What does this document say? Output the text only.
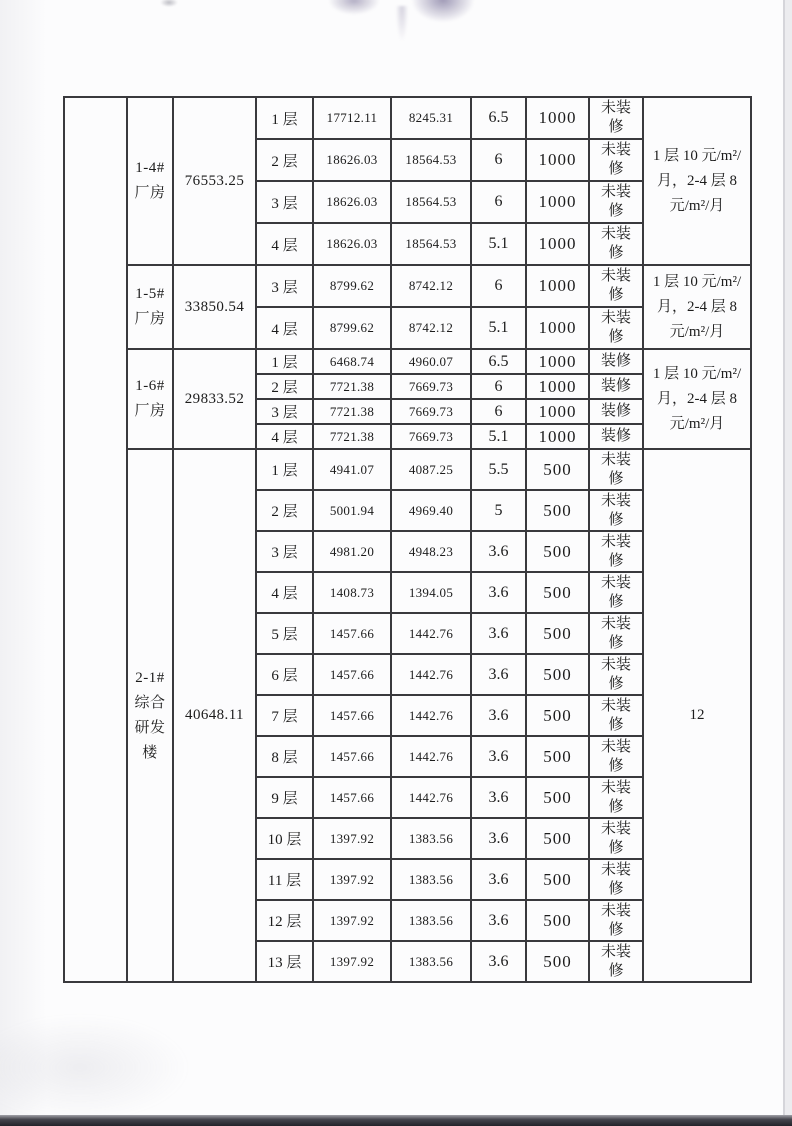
	1-4# 厂房	76553.25	1 层	17712.11	8245.31	6.5	1000	未装修	1 层 10 元/m²/月，2-4 层 8 元/m²/月
			2 层	18626.03	18564.53	6	1000	未装修	
			3 层	18626.03	18564.53	6	1000	未装修	
			4 层	18626.03	18564.53	5.1	1000	未装修	
	1-5# 厂房	33850.54	3 层	8799.62	8742.12	6	1000	未装修	1 层 10 元/m²/月，2-4 层 8 元/m²/月
			4 层	8799.62	8742.12	5.1	1000	未装修	
	1-6# 厂房	29833.52	1 层	6468.74	4960.07	6.5	1000	装修	1 层 10 元/m²/月，2-4 层 8 元/m²/月
			2 层	7721.38	7669.73	6	1000	装修	
			3 层	7721.38	7669.73	6	1000	装修	
			4 层	7721.38	7669.73	5.1	1000	装修	
	2-1# 综合研发楼	40648.11	1 层	4941.07	4087.25	5.5	500	未装修	12
			2 层	5001.94	4969.40	5	500	未装修	
			3 层	4981.20	4948.23	3.6	500	未装修	
			4 层	1408.73	1394.05	3.6	500	未装修	
			5 层	1457.66	1442.76	3.6	500	未装修	
			6 层	1457.66	1442.76	3.6	500	未装修	
			7 层	1457.66	1442.76	3.6	500	未装修	
			8 层	1457.66	1442.76	3.6	500	未装修	
			9 层	1457.66	1442.76	3.6	500	未装修	
			10 层	1397.92	1383.56	3.6	500	未装修	
			11 层	1397.92	1383.56	3.6	500	未装修	
			12 层	1397.92	1383.56	3.6	500	未装修	
			13 层	1397.92	1383.56	3.6	500	未装修	
